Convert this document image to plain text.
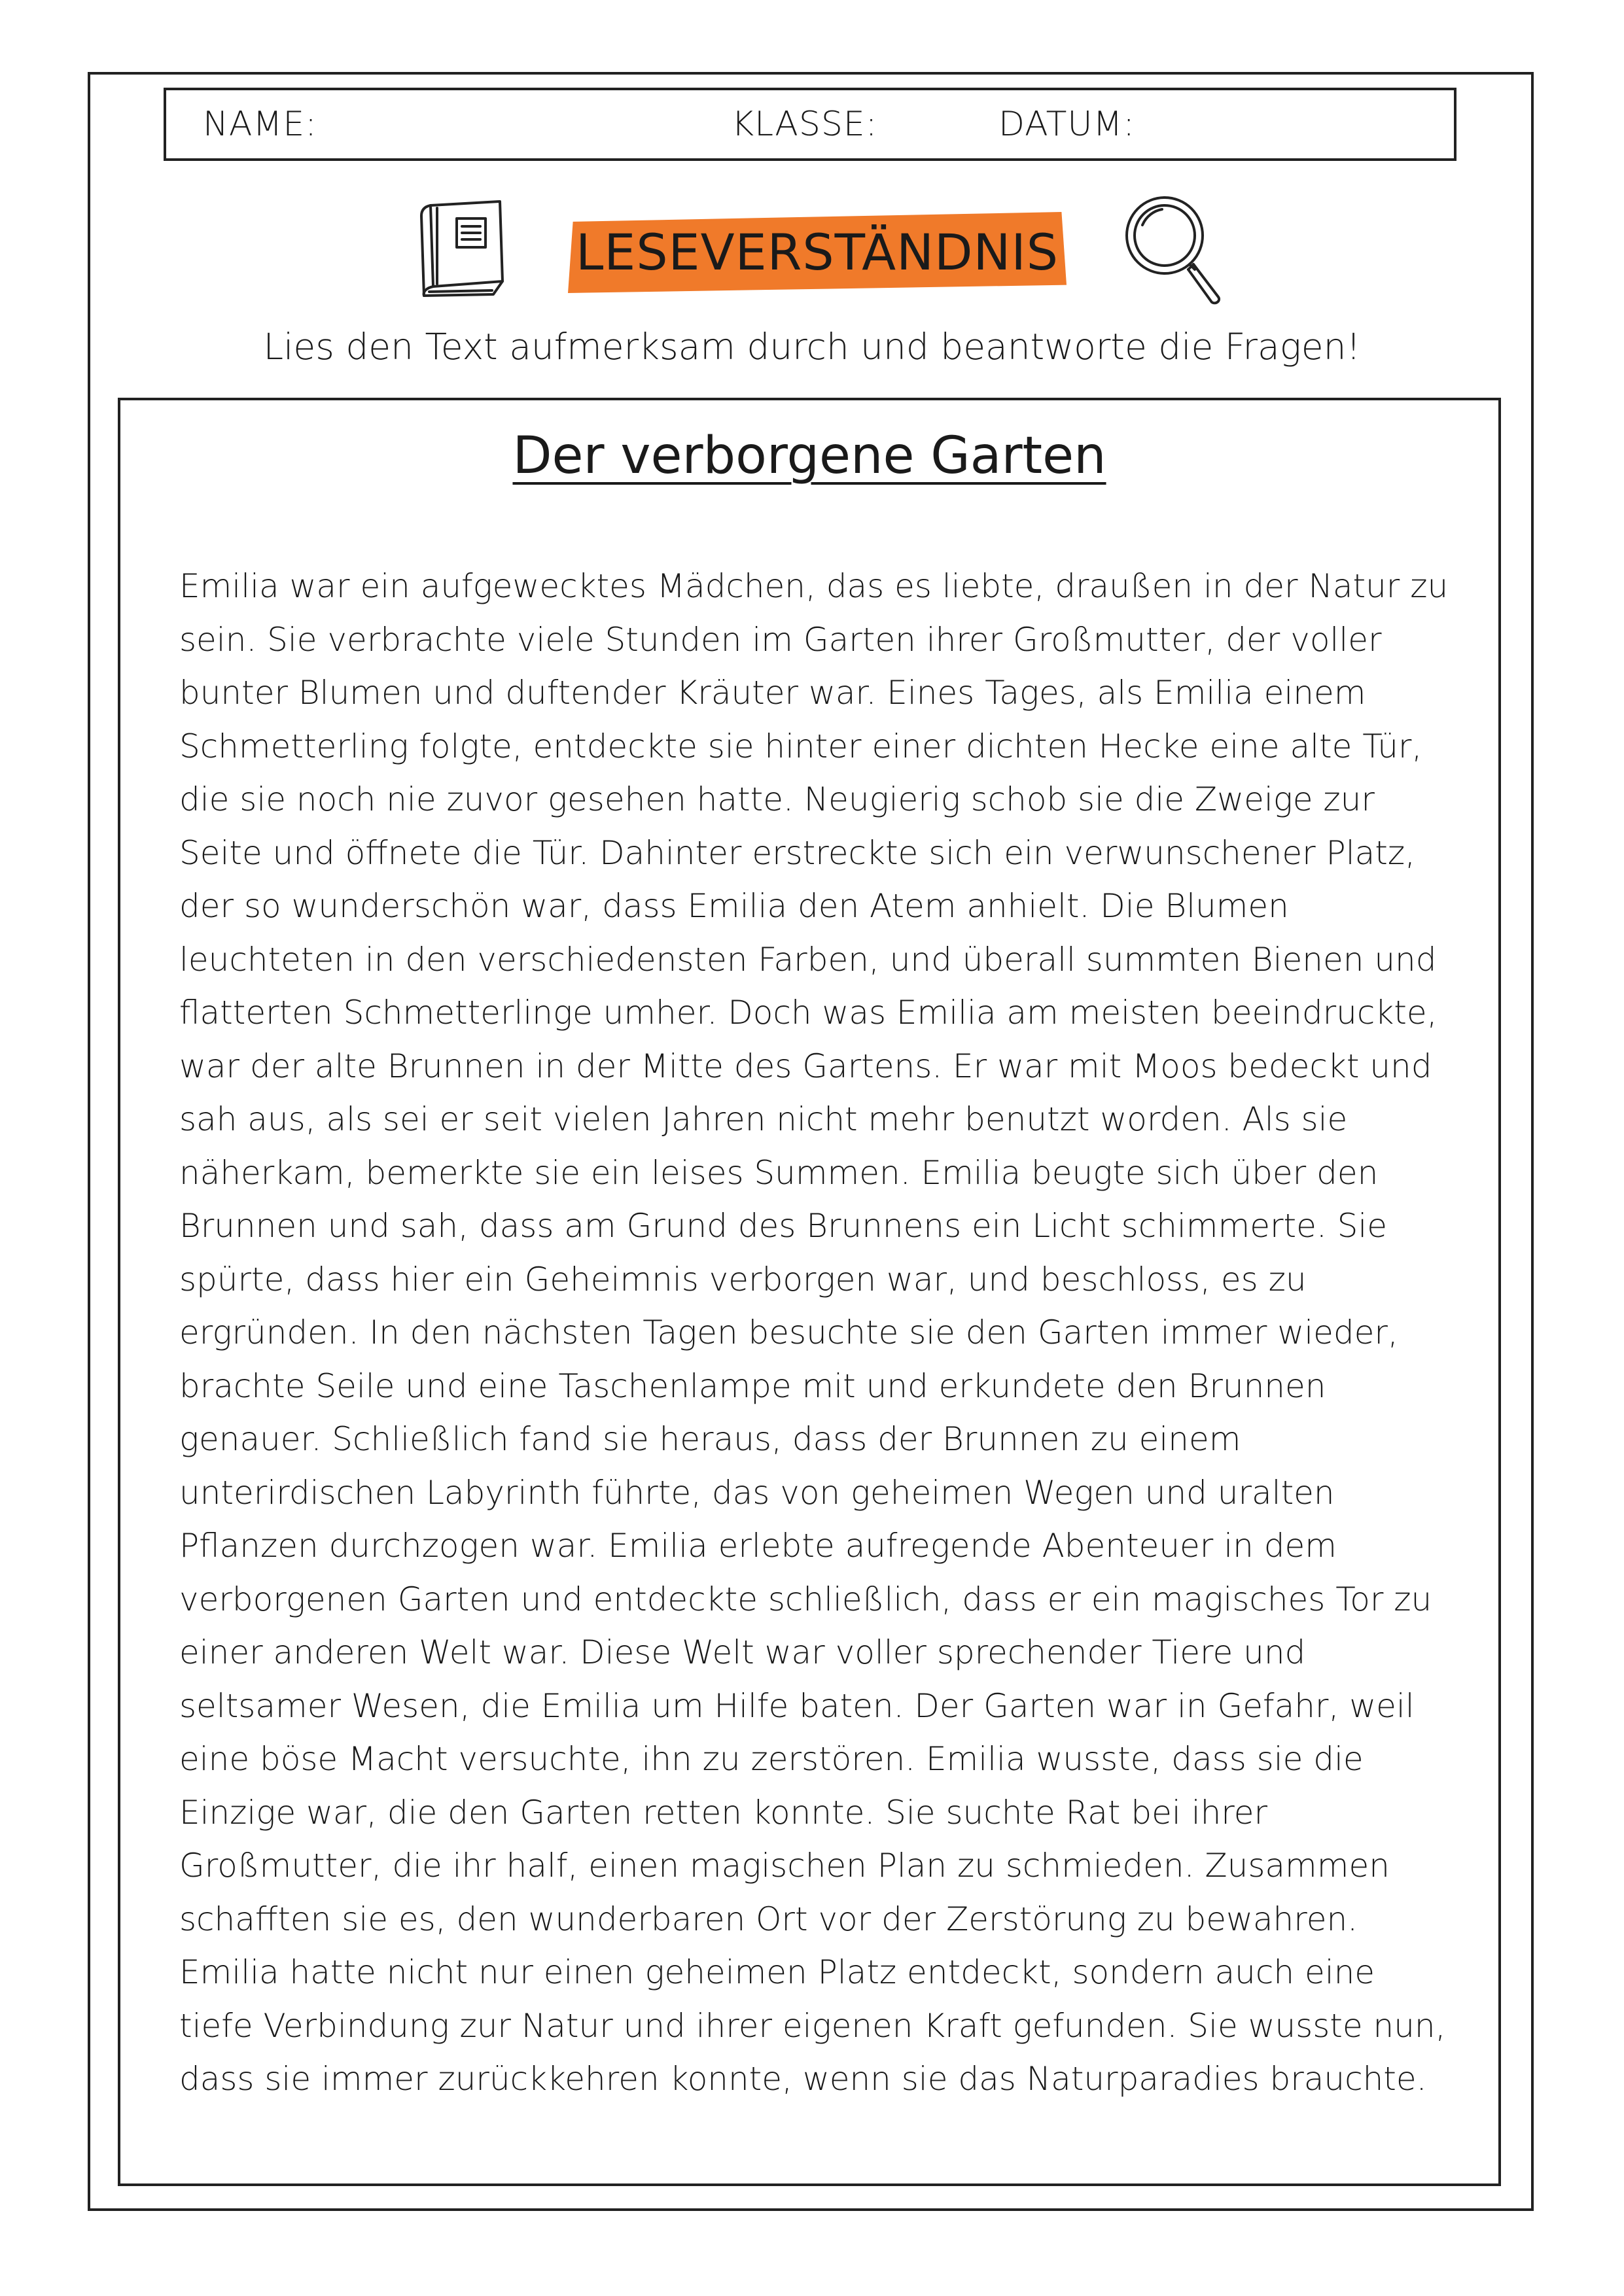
NAME:	KLASSE:	DATUM:
LESEVERSTÄNDNIS
Lies den Text aufmerksam durch und beantworte die Fragen!
Der verborgene Garten

Emilia war ein aufgewecktes Mädchen, das es liebte, draußen in der Natur zu sein. Sie verbrachte viele Stunden im Garten ihrer Großmutter, der voller bunter Blumen und duftender Kräuter war. Eines Tages, als Emilia einem Schmetterling folgte, entdeckte sie hinter einer dichten Hecke eine alte Tür, die sie noch nie zuvor gesehen hatte. Neugierig schob sie die Zweige zur Seite und öffnete die Tür. Dahinter erstreckte sich ein verwunschener Platz, der so wunderschön war, dass Emilia den Atem anhielt. Die Blumen leuchteten in den verschiedensten Farben, und überall summten Bienen und flatterten Schmetterlinge umher. Doch was Emilia am meisten beeindruckte, war der alte Brunnen in der Mitte des Gartens. Er war mit Moos bedeckt und sah aus, als sei er seit vielen Jahren nicht mehr benutzt worden. Als sie näherkam, bemerkte sie ein leises Summen. Emilia beugte sich über den Brunnen und sah, dass am Grund des Brunnens ein Licht schimmerte. Sie spürte, dass hier ein Geheimnis verborgen war, und beschloss, es zu ergründen. In den nächsten Tagen besuchte sie den Garten immer wieder, brachte Seile und eine Taschenlampe mit und erkundete den Brunnen genauer. Schließlich fand sie heraus, dass der Brunnen zu einem unterirdischen Labyrinth führte, das von geheimen Wegen und uralten Pflanzen durchzogen war. Emilia erlebte aufregende Abenteuer in dem verborgenen Garten und entdeckte schließlich, dass er ein magisches Tor zu einer anderen Welt war. Diese Welt war voller sprechender Tiere und seltsamer Wesen, die Emilia um Hilfe baten. Der Garten war in Gefahr, weil eine böse Macht versuchte, ihn zu zerstören. Emilia wusste, dass sie die Einzige war, die den Garten retten konnte. Sie suchte Rat bei ihrer Großmutter, die ihr half, einen magischen Plan zu schmieden. Zusammen schafften sie es, den wunderbaren Ort vor der Zerstörung zu bewahren. Emilia hatte nicht nur einen geheimen Platz entdeckt, sondern auch eine tiefe Verbindung zur Natur und ihrer eigenen Kraft gefunden. Sie wusste nun, dass sie immer zurückkehren konnte, wenn sie das Naturparadies brauchte.
